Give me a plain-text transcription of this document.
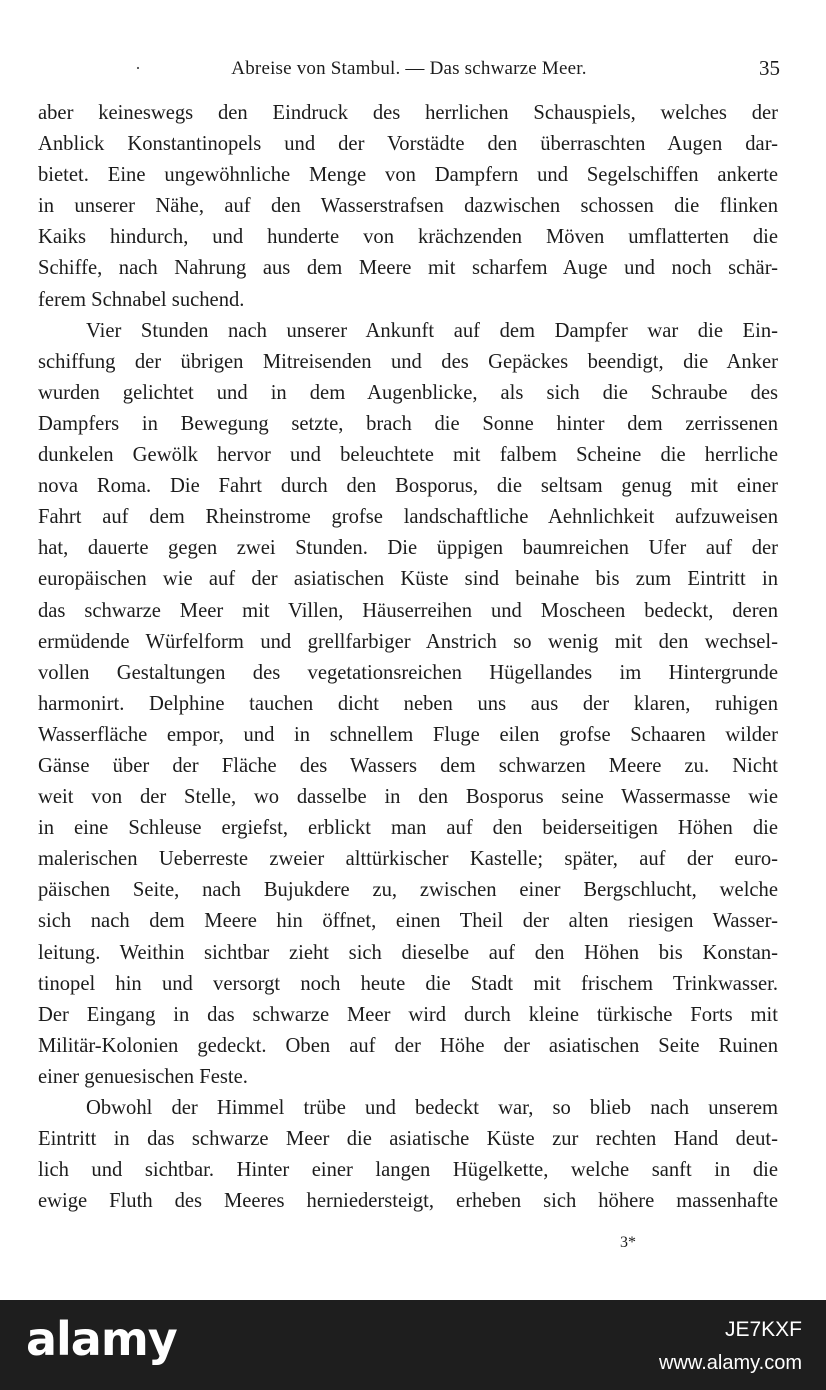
·	Abreise von Stambul. — Das schwarze Meer.	35
aber keineswegs den Eindruck des herrlichen Schauspiels, welches der
Anblick Konstantinopels und der Vorstädte den überraschten Augen dar-
bietet. Eine ungewöhnliche Menge von Dampfern und Segelschiffen ankerte
in unserer Nähe, auf den Wasserstrafsen dazwischen schossen die flinken
Kaiks hindurch, und hunderte von krächzenden Möven umflatterten die
Schiffe, nach Nahrung aus dem Meere mit scharfem Auge und noch schär-
ferem Schnabel suchend.
Vier Stunden nach unserer Ankunft auf dem Dampfer war die Ein-
schiffung der übrigen Mitreisenden und des Gepäckes beendigt, die Anker
wurden gelichtet und in dem Augenblicke, als sich die Schraube des
Dampfers in Bewegung setzte, brach die Sonne hinter dem zerrissenen
dunkelen Gewölk hervor und beleuchtete mit falbem Scheine die herrliche
nova Roma. Die Fahrt durch den Bosporus, die seltsam genug mit einer
Fahrt auf dem Rheinstrome grofse landschaftliche Aehnlichkeit aufzuweisen
hat, dauerte gegen zwei Stunden. Die üppigen baumreichen Ufer auf der
europäischen wie auf der asiatischen Küste sind beinahe bis zum Eintritt in
das schwarze Meer mit Villen, Häuserreihen und Moscheen bedeckt, deren
ermüdende Würfelform und grellfarbiger Anstrich so wenig mit den wechsel-
vollen Gestaltungen des vegetationsreichen Hügellandes im Hintergrunde
harmonirt. Delphine tauchen dicht neben uns aus der klaren, ruhigen
Wasserfläche empor, und in schnellem Fluge eilen grofse Schaaren wilder
Gänse über der Fläche des Wassers dem schwarzen Meere zu. Nicht
weit von der Stelle, wo dasselbe in den Bosporus seine Wassermasse wie
in eine Schleuse ergiefst, erblickt man auf den beiderseitigen Höhen die
malerischen Ueberreste zweier alttürkischer Kastelle; später, auf der euro-
päischen Seite, nach Bujukdere zu, zwischen einer Bergschlucht, welche
sich nach dem Meere hin öffnet, einen Theil der alten riesigen Wasser-
leitung. Weithin sichtbar zieht sich dieselbe auf den Höhen bis Konstan-
tinopel hin und versorgt noch heute die Stadt mit frischem Trinkwasser.
Der Eingang in das schwarze Meer wird durch kleine türkische Forts mit
Militär-Kolonien gedeckt. Oben auf der Höhe der asiatischen Seite Ruinen
einer genuesischen Feste.
Obwohl der Himmel trübe und bedeckt war, so blieb nach unserem
Eintritt in das schwarze Meer die asiatische Küste zur rechten Hand deut-
lich und sichtbar. Hinter einer langen Hügelkette, welche sanft in die
ewige Fluth des Meeres herniedersteigt, erheben sich höhere massenhafte
3*
alamy	JE7KXF
www.alamy.com
